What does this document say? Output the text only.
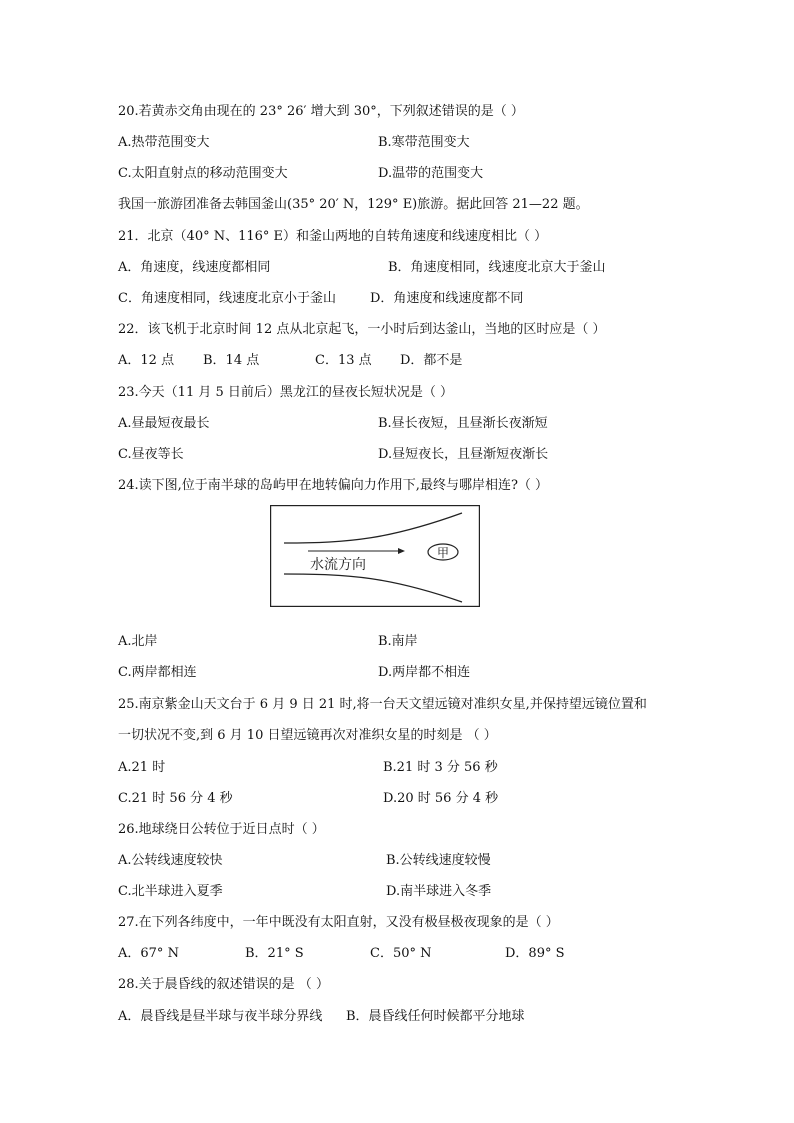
20.若黄赤交角由现在的 23° 26′ 增大到 30°，下列叙述错误的是（ ）
A.热带范围变大	B.寒带范围变大
C.太阳直射点的移动范围变大	D.温带的范围变大
我国一旅游团准备去韩国釜山(35° 20′ N，129° E)旅游。据此回答 21—22 题。
21．北京（40° N、116° E）和釜山两地的自转角速度和线速度相比（ ）
A．角速度，线速度都相同	B．角速度相同，线速度北京大于釜山
C．角速度相同，线速度北京小于釜山	D．角速度和线速度都不同
22．该飞机于北京时间 12 点从北京起飞，一小时后到达釜山，当地的区时应是（ ）
A．12 点 B．14 点	C．13 点 D．都不是
23.今天（11 月 5 日前后）黑龙江的昼夜长短状况是（ ）
A.昼最短夜最长	B.昼长夜短，且昼渐长夜渐短
C.昼夜等长	D.昼短夜长，且昼渐短夜渐长
24.读下图,位于南半球的岛屿甲在地转偏向力作用下,最终与哪岸相连?（ ）
水流方向
甲
A.北岸	B.南岸
C.两岸都相连	D.两岸都不相连
25.南京紫金山天文台于 6 月 9 日 21 时,将一台天文望远镜对准织女星,并保持望远镜位置和
一切状况不变,到 6 月 10 日望远镜再次对准织女星的时刻是 （ ）
A.21 时	B.21 时 3 分 56 秒
C.21 时 56 分 4 秒	D.20 时 56 分 4 秒
26.地球绕日公转位于近日点时（ ）
A.公转线速度较快	B.公转线速度较慢
C.北半球进入夏季	D.南半球进入冬季
27.在下列各纬度中，一年中既没有太阳直射，又没有极昼极夜现象的是（ ）
A．67° N	B．21° S	C．50° N	D．89° S
28.关于晨昏线的叙述错误的是 （ ）
A．晨昏线是昼半球与夜半球分界线 B．晨昏线任何时候都平分地球
